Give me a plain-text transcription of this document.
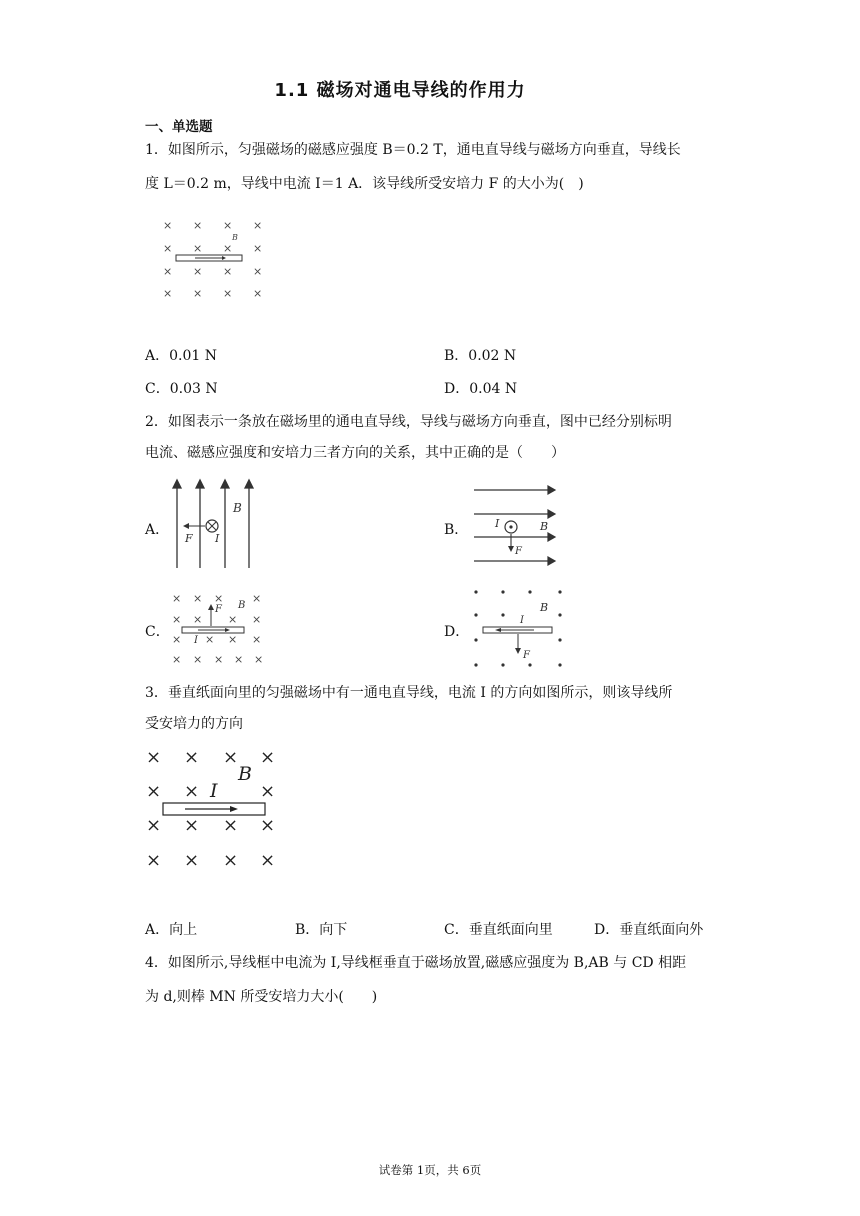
1.1 磁场对通电导线的作用力
一、单选题
1．如图所示，匀强磁场的磁感应强度 B＝0.2 T，通电直导线与磁场方向垂直，导线长
度 L＝0.2 m，导线中电流 I＝1 A．该导线所受安培力 F 的大小为(　)
× × × ×
× × × ×
× × × ×
× × × ×
B
A．0.01 N	B．0.02 N
C．0.03 N	D．0.04 N
2．如图表示一条放在磁场里的通电直导线，导线与磁场方向垂直，图中已经分别标明
电流、磁感应强度和安培力三者方向的关系，其中正确的是（　　）
A．
B
F I
B． I	B
F
C．
× × ×	×
× × × ×
× × × ×
× × × × ×
F B
I
D．
I
B
F
3．垂直纸面向里的匀强磁场中有一通电直导线，电流 I 的方向如图所示，则该导线所
受安培力的方向
× × × ×
× ×	×
× × × ×
× × × ×
B
I
A．向上	B．向下	C．垂直纸面向里	D．垂直纸面向外
4．如图所示,导线框中电流为 I,导线框垂直于磁场放置,磁感应强度为 B,AB 与 CD 相距
为 d,则棒 MN 所受安培力大小(　　)
试卷第 1页，共 6页
